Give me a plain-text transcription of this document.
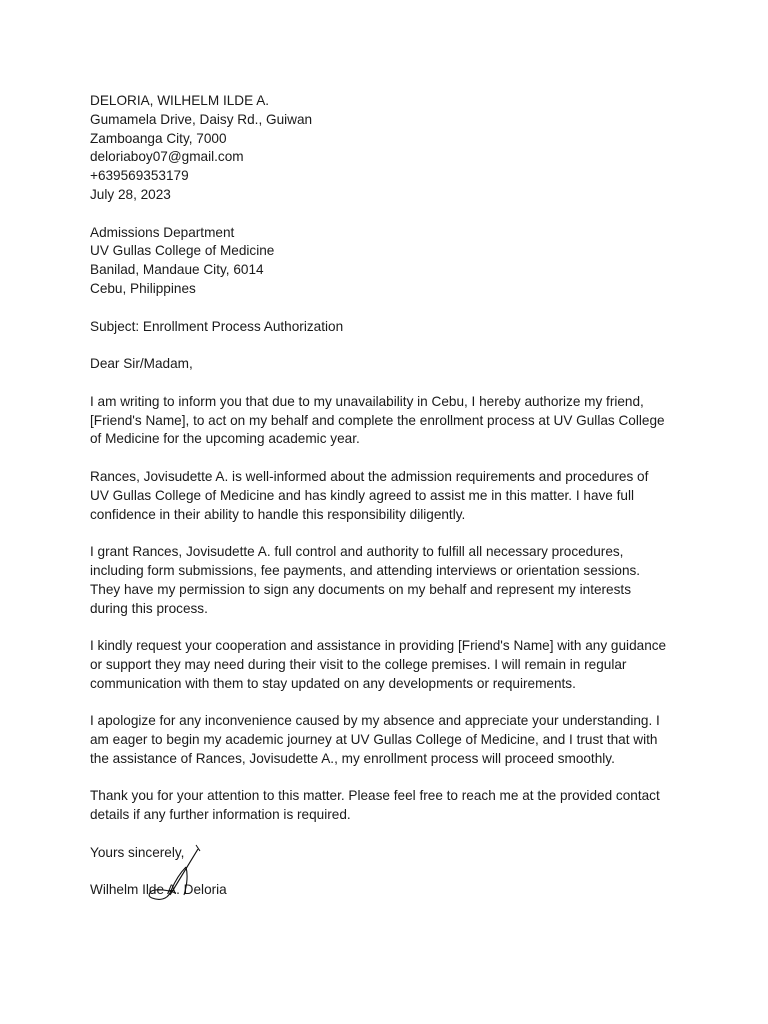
DELORIA, WILHELM ILDE A.
Gumamela Drive, Daisy Rd., Guiwan
Zamboanga City, 7000
deloriaboy07@gmail.com
+639569353179
July 28, 2023
Admissions Department
UV Gullas College of Medicine
Banilad, Mandaue City, 6014
Cebu, Philippines
Subject: Enrollment Process Authorization
Dear Sir/Madam,
I am writing to inform you that due to my unavailability in Cebu, I hereby authorize my friend,
[Friend's Name], to act on my behalf and complete the enrollment process at UV Gullas College
of Medicine for the upcoming academic year.
Rances, Jovisudette A. is well-informed about the admission requirements and procedures of
UV Gullas College of Medicine and has kindly agreed to assist me in this matter. I have full
confidence in their ability to handle this responsibility diligently.
I grant Rances, Jovisudette A. full control and authority to fulfill all necessary procedures,
including form submissions, fee payments, and attending interviews or orientation sessions.
They have my permission to sign any documents on my behalf and represent my interests
during this process.
I kindly request your cooperation and assistance in providing [Friend's Name] with any guidance
or support they may need during their visit to the college premises. I will remain in regular
communication with them to stay updated on any developments or requirements.
I apologize for any inconvenience caused by my absence and appreciate your understanding. I
am eager to begin my academic journey at UV Gullas College of Medicine, and I trust that with
the assistance of Rances, Jovisudette A., my enrollment process will proceed smoothly.
Thank you for your attention to this matter. Please feel free to reach me at the provided contact
details if any further information is required.
Yours sincerely,
Wilhelm Ilde A. Deloria
